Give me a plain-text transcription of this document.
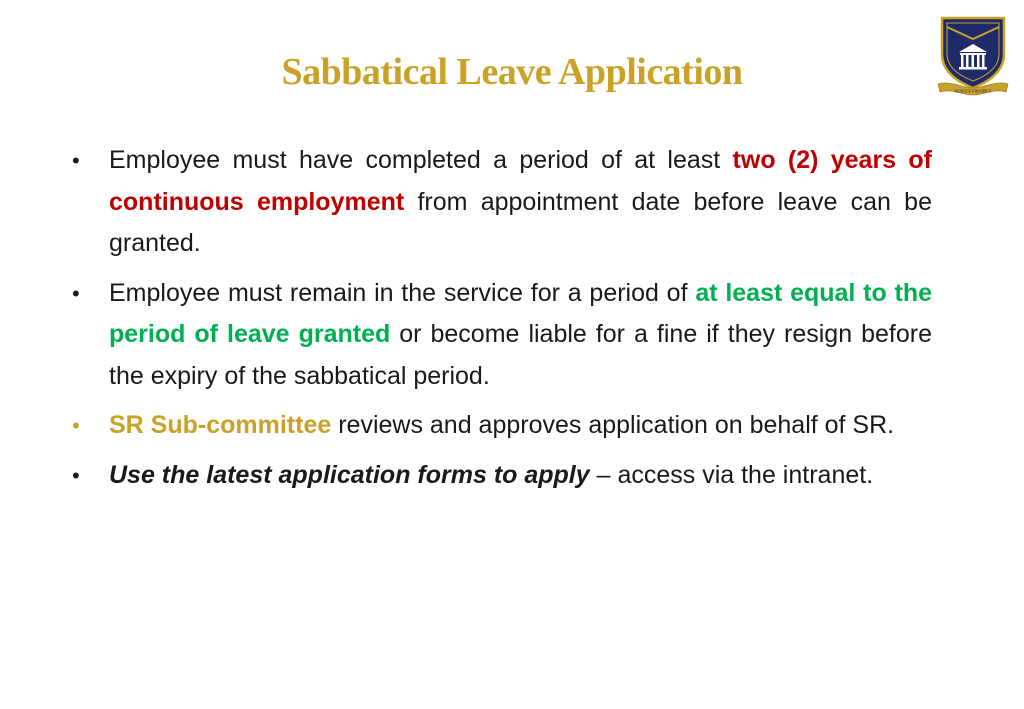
Sabbatical Leave Application	RESPICE PROSPICE
• Employee must have completed a period of at least two (2) years of continuous employment from appointment date before leave can be granted.
• Employee must remain in the service for a period of at least equal to the period of leave granted or become liable for a fine if they resign before the expiry of the sabbatical period.
• SR Sub-committee reviews and approves application on behalf of SR.
• Use the latest application forms to apply – access via the intranet.
